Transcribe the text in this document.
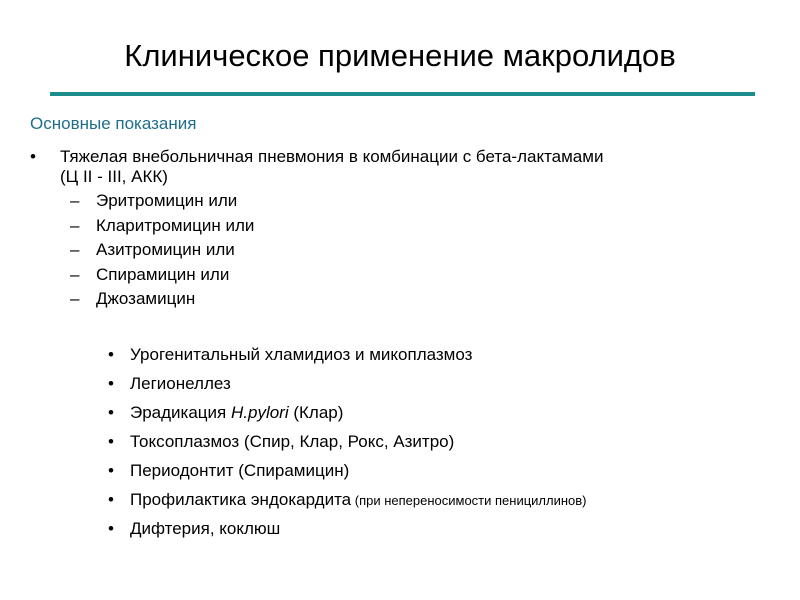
Клиническое применение макролидов
Основные показания
• Тяжелая внебольничная пневмония в комбинации с бета-лактамами
(Ц II - III, АКК)
– Эритромицин или
– Кларитромицин или
– Азитромицин или
– Спирамицин или
– Джозамицин
• Урогенитальный хламидиоз и микоплазмоз
• Легионеллез
• Эрадикация H.pylori (Клар)
• Токсоплазмоз (Спир, Клар, Рокс, Азитро)
• Периодонтит (Спирамицин)
• Профилактика эндокардита (при непереносимости пенициллинов)
• Дифтерия, коклюш
